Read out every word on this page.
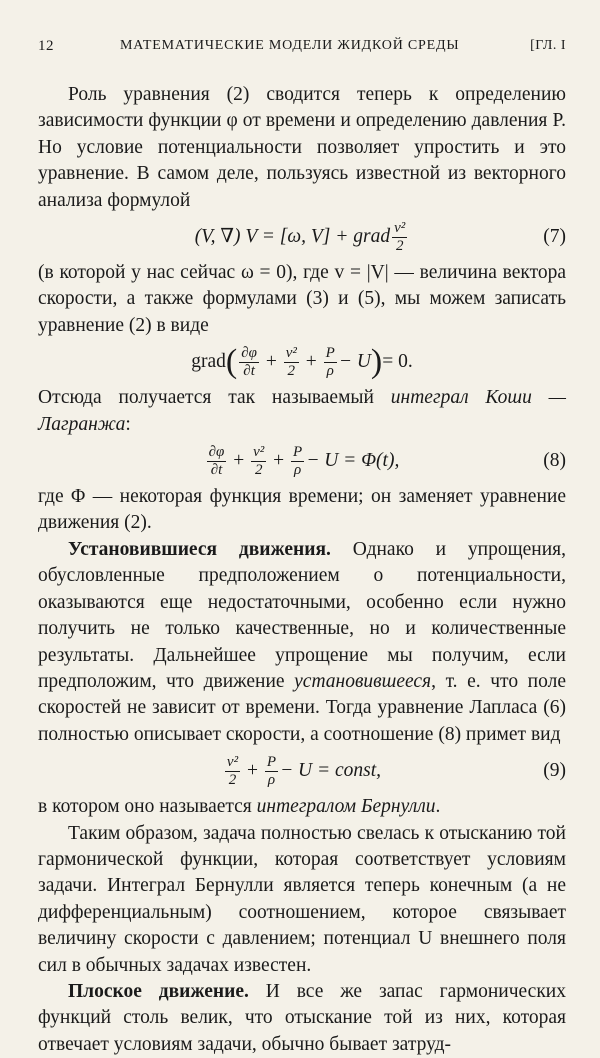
12	МАТЕМАТИЧЕСКИЕ МОДЕЛИ ЖИДКОЙ СРЕДЫ	[ГЛ. I

Роль уравнения (2) сводится теперь к определению зависимости функции φ от времени и определению давления P. Но условие потенциальности позволяет упростить и это уравнение. В самом деле, пользуясь известной из векторного анализа формулой

(V, ∇) V = [ω, V] + grad $\frac{\text{v²}}{2}$	(7)

(в которой у нас сейчас ω = 0), где v = |V| — величина вектора скорости, а также формулами (3) и (5), мы можем записать уравнение (2) в виде

grad ( $\frac{\partial\varphi}{\partial t} + \frac{\text{v²}}{2} + \frac{P}{\rho} - U$ ) = 0.

Отсюда получается так называемый интеграл Коши — Лагранжа:

$\frac{\partial\varphi}{\partial t} + \frac{\text{v²}}{2} + \frac{P}{\rho} - U = \Phi(t)$,	(8)

где Φ — некоторая функция времени; он заменяет уравнение движения (2).

Установившиеся движения. Однако и упрощения, обусловленные предположением о потенциальности, оказываются еще недостаточными, особенно если нужно получить не только качественные, но и количественные результаты. Дальнейшее упрощение мы получим, если предположим, что движение установившееся, т. е. что поле скоростей не зависит от времени. Тогда уравнение Лапласа (6) полностью описывает скорости, а соотношение (8) примет вид

$\frac{\text{v²}}{2} + \frac{P}{\rho} - U$ = const,	(9)

в котором оно называется интегралом Бернулли.

Таким образом, задача полностью свелась к отысканию той гармонической функции, которая соответствует условиям задачи. Интеграл Бернулли является теперь конечным (а не дифференциальным) соотношением, которое связывает величину скорости с давлением; потенциал U внешнего поля сил в обычных задачах известен.

Плоское движение. И все же запас гармонических функций столь велик, что отыскание той из них, которая отвечает условиям задачи, обычно бывает затруд-
